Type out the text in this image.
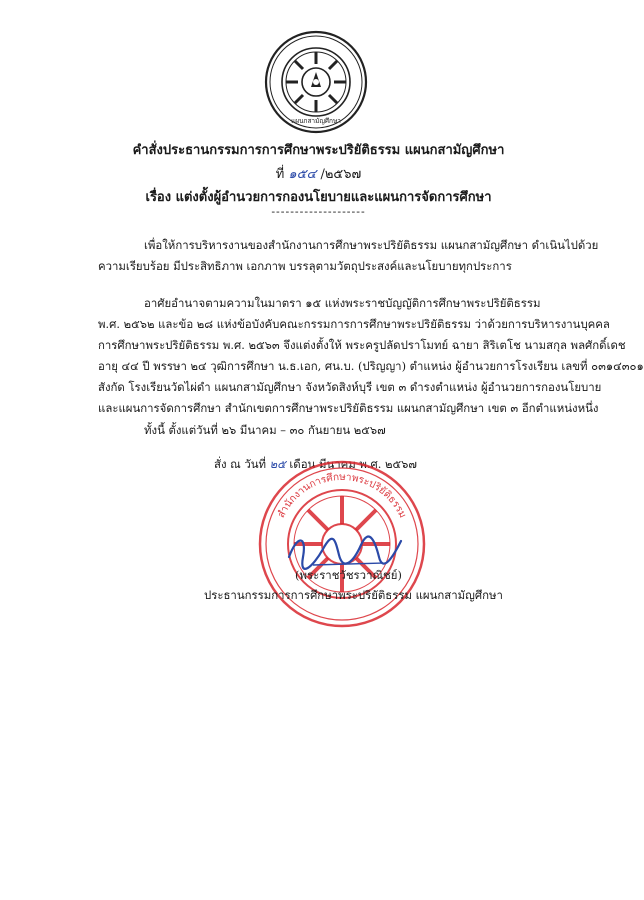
แผนกสามัญศึกษา
คำสั่งประธานกรรมการการศึกษาพระปริยัติธรรม แผนกสามัญศึกษา
ที่ ๑๕๔ /๒๕๖๗
เรื่อง แต่งตั้งผู้อำนวยการกองนโยบายและแผนการจัดการศึกษา
--------------------
เพื่อให้การบริหารงานของสำนักงานการศึกษาพระปริยัติธรรม แผนกสามัญศึกษา ดำเนินไปด้วย
ความเรียบร้อย มีประสิทธิภาพ เอกภาพ บรรลุตามวัตถุประสงค์และนโยบายทุกประการ
อาศัยอำนาจตามความในมาตรา ๑๕ แห่งพระราชบัญญัติการศึกษาพระปริยัติธรรม
พ.ศ. ๒๕๖๒ และข้อ ๒๘ แห่งข้อบังคับคณะกรรมการการศึกษาพระปริยัติธรรม ว่าด้วยการบริหารงานบุคคล
การศึกษาพระปริยัติธรรม พ.ศ. ๒๕๖๓ จึงแต่งตั้งให้ พระครูปลัดปราโมทย์ ฉายา สิริเตโช นามสกุล พลศักดิ์เดช
อายุ ๔๔ ปี พรรษา ๒๔ วุฒิการศึกษา น.ธ.เอก, ศน.บ. (ปริญญา) ตำแหน่ง ผู้อำนวยการโรงเรียน เลขที่ ๐๓๑๔๓๐๑
สังกัด โรงเรียนวัดไผ่ดำ แผนกสามัญศึกษา จังหวัดสิงห์บุรี เขต ๓ ดำรงตำแหน่ง ผู้อำนวยการกองนโยบาย
และแผนการจัดการศึกษา สำนักเขตการศึกษาพระปริยัติธรรม แผนกสามัญศึกษา เขต ๓ อีกตำแหน่งหนึ่ง
ทั้งนี้ ตั้งแต่วันที่ ๒๖ มีนาคม – ๓๐ กันยายน ๒๕๖๗
สั่ง ณ วันที่ ๒๕ เดือน มีนาคม พ.ศ. ๒๕๖๗
สำนักงานการศึกษาพระปริยัติธรรม
(พระราชวัชรวาณิชย์)
ประธานกรรมการการศึกษาพระปริยัติธรรม แผนกสามัญศึกษา
